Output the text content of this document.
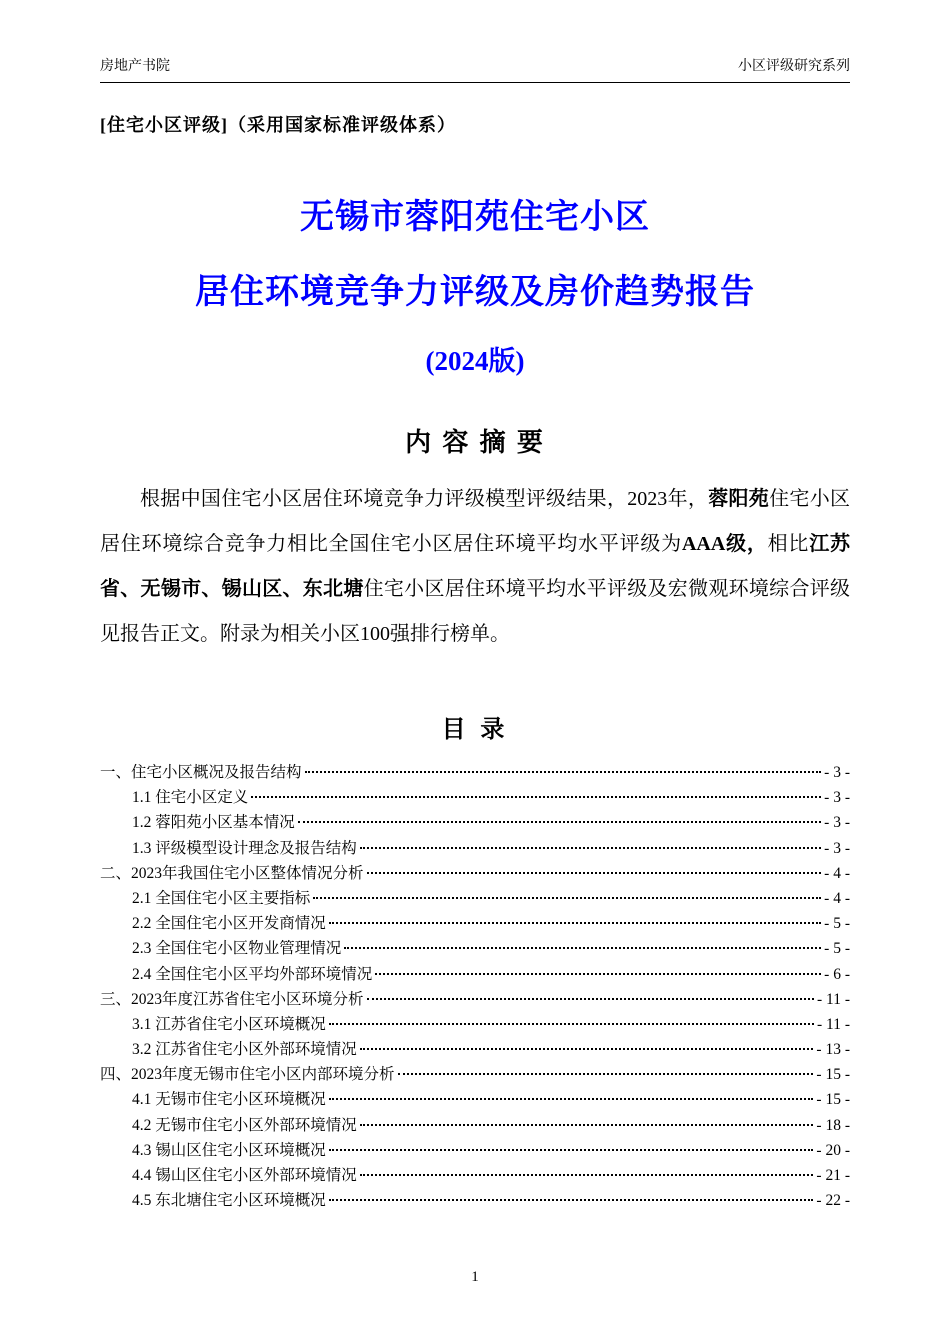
房地产书院	小区评级研究系列
[住宅小区评级]（采用国家标准评级体系）
无锡市蓉阳苑住宅小区
居住环境竞争力评级及房价趋势报告
(2024版)
内 容 摘 要

根据中国住宅小区居住环境竞争力评级模型评级结果，2023年，蓉阳苑住宅小区居住环境综合竞争力相比全国住宅小区居住环境平均水平评级为AAA级，相比江苏省、无锡市、锡山区、东北塘住宅小区居住环境平均水平评级及宏微观环境综合评级见报告正文。附录为相关小区100强排行榜单。

目 录
一、住宅小区概况及报告结构	- 3 -
1.1 住宅小区定义	- 3 -
1.2 蓉阳苑小区基本情况	- 3 -
1.3 评级模型设计理念及报告结构	- 3 -
二、2023年我国住宅小区整体情况分析	- 4 -
2.1 全国住宅小区主要指标	- 4 -
2.2 全国住宅小区开发商情况	- 5 -
2.3 全国住宅小区物业管理情况	- 5 -
2.4 全国住宅小区平均外部环境情况	- 6 -
三、2023年度江苏省住宅小区环境分析	- 11 -
3.1 江苏省住宅小区环境概况	- 11 -
3.2 江苏省住宅小区外部环境情况	- 13 -
四、2023年度无锡市住宅小区内部环境分析	- 15 -
4.1 无锡市住宅小区环境概况	- 15 -
4.2 无锡市住宅小区外部环境情况	- 18 -
4.3 锡山区住宅小区环境概况	- 20 -
4.4 锡山区住宅小区外部环境情况	- 21 -
4.5 东北塘住宅小区环境概况	- 22 -
1
